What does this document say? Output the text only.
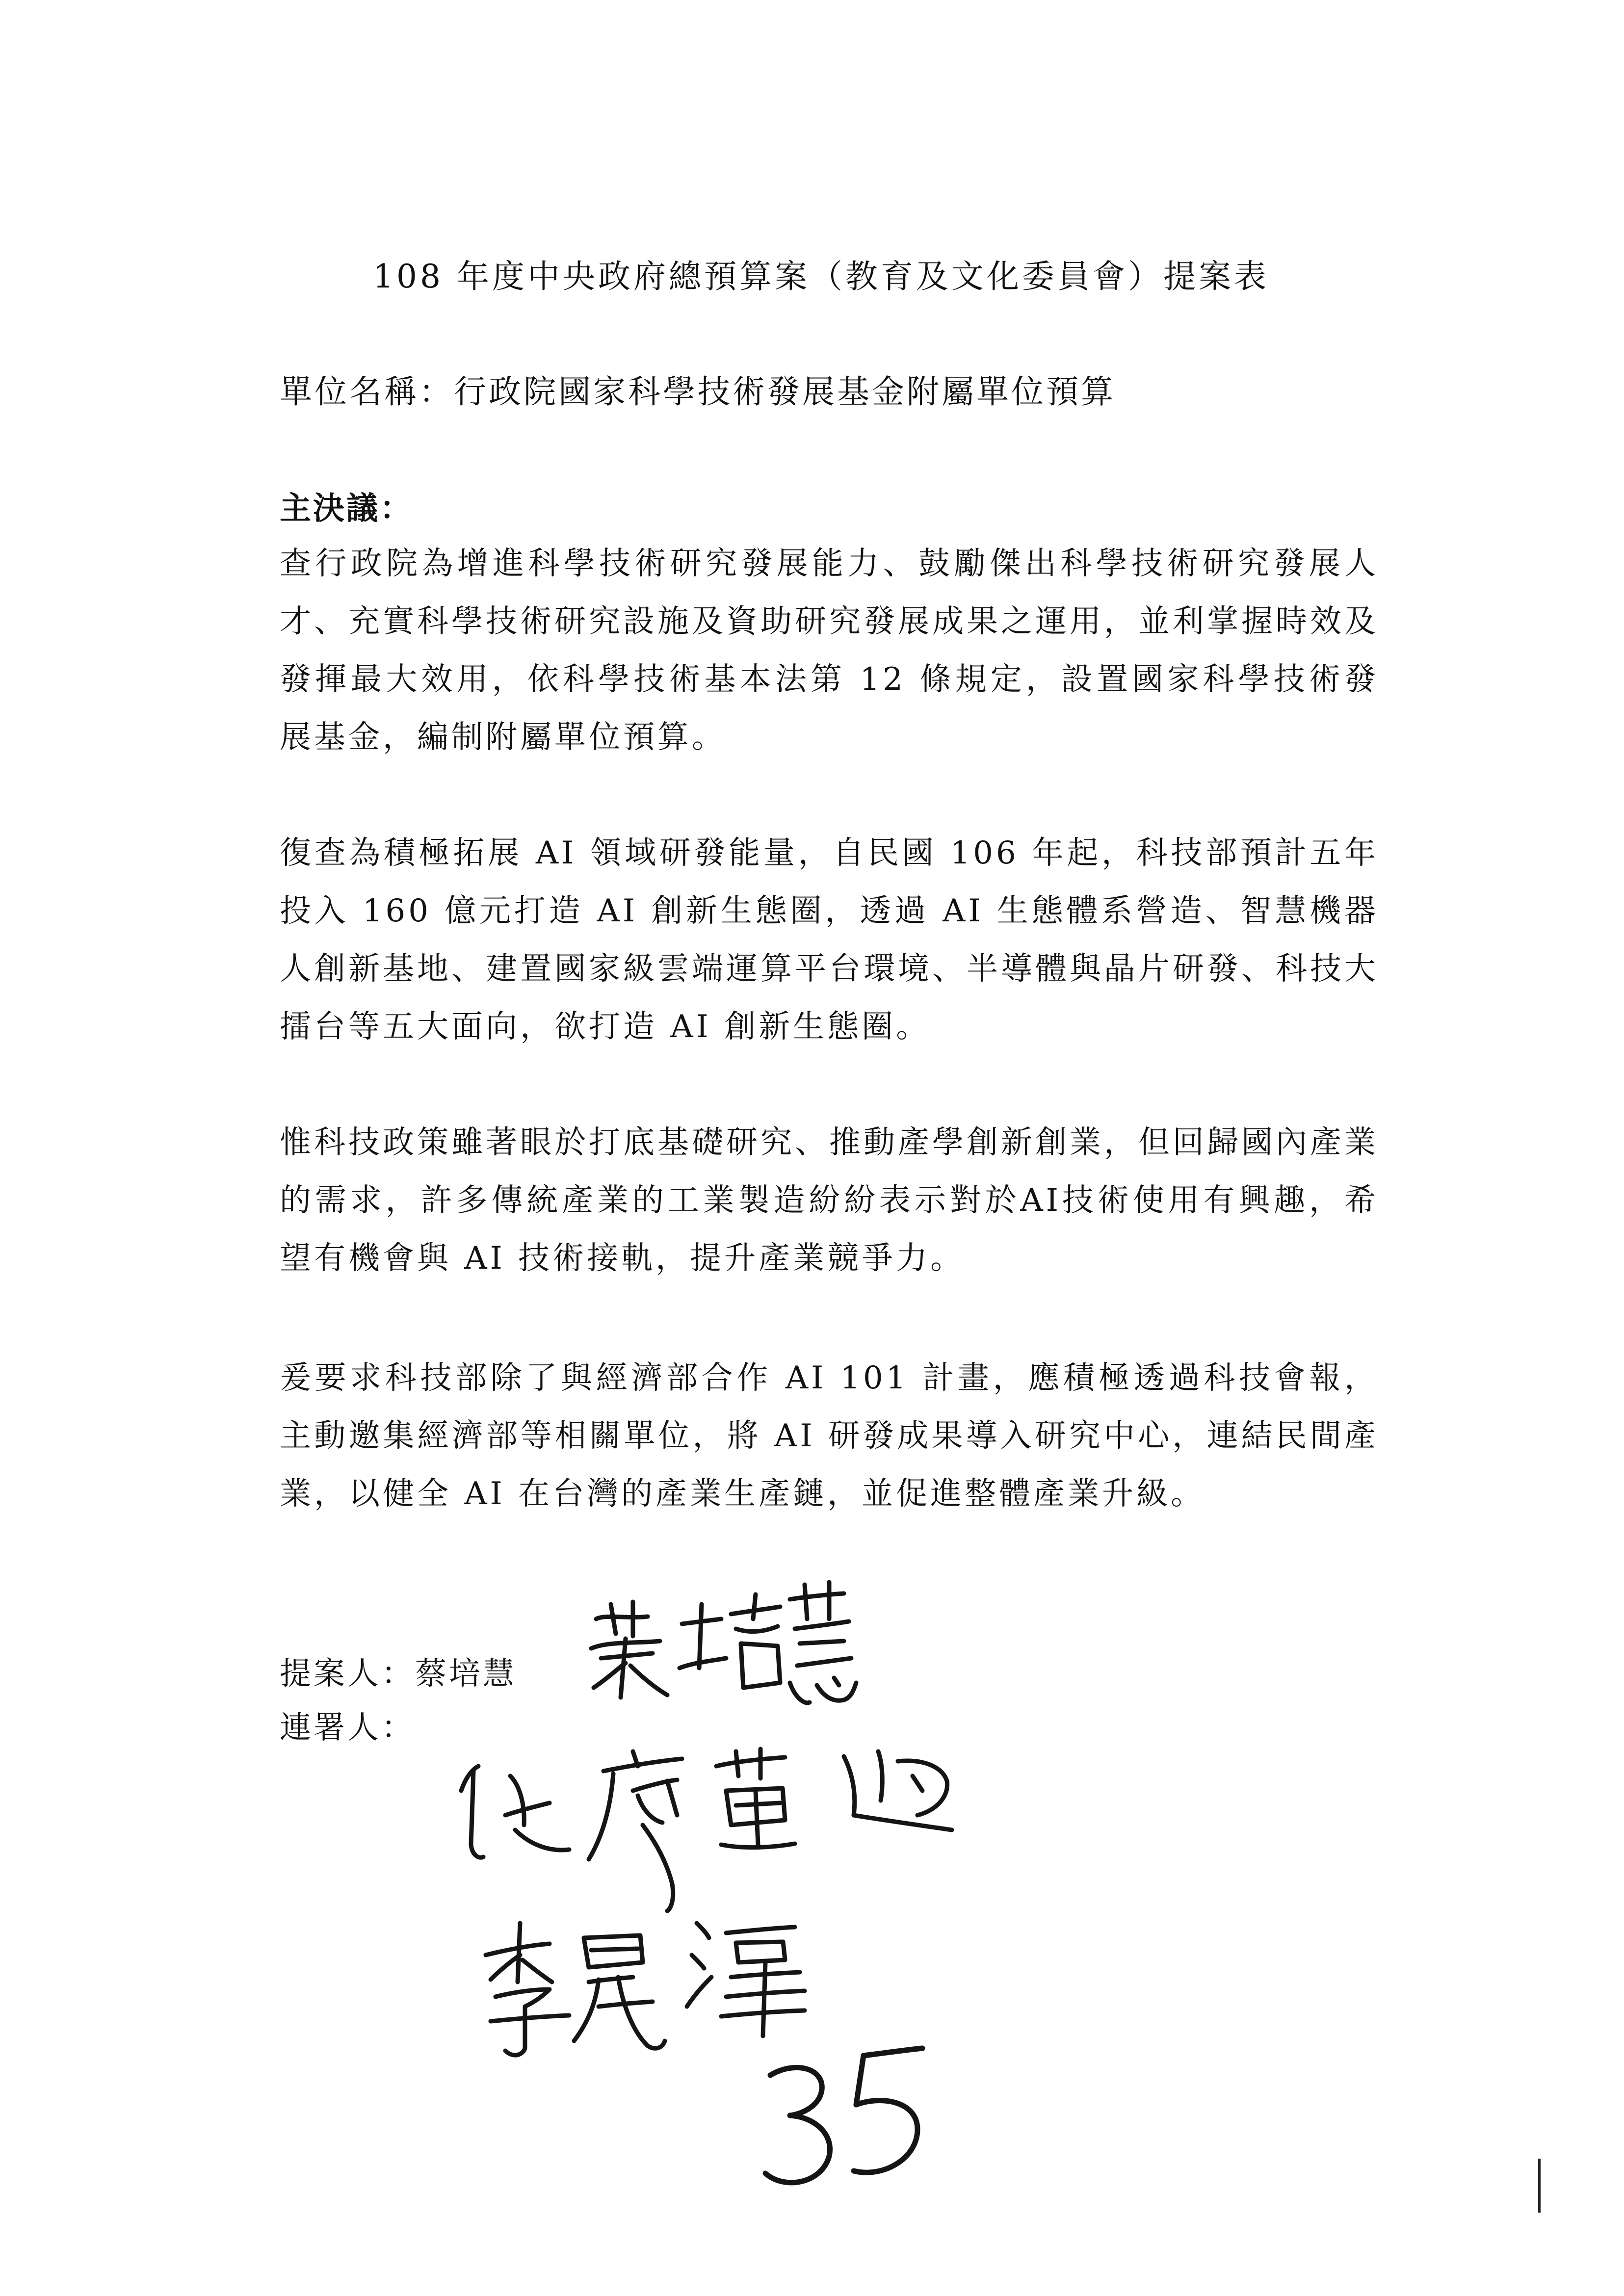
108 年度中央政府總預算案（教育及文化委員會）提案表
單位名稱：行政院國家科學技術發展基金附屬單位預算
主決議：
查行政院為增進科學技術研究發展能力、鼓勵傑出科學技術研究發展人才、充實科學技術研究設施及資助研究發展成果之運用，並利掌握時效及發揮最大效用，依科學技術基本法第 12 條規定，設置國家科學技術發展基金，編制附屬單位預算。
復查為積極拓展 AI 領域研發能量，自民國 106 年起，科技部預計五年投入 160 億元打造 AI 創新生態圈，透過 AI 生態體系營造、智慧機器人創新基地、建置國家級雲端運算平台環境、半導體與晶片研發、科技大擂台等五大面向，欲打造 AI 創新生態圈。
惟科技政策雖著眼於打底基礎研究、推動產學創新創業，但回歸國內產業的需求，許多傳統產業的工業製造紛紛表示對於AI技術使用有興趣，希望有機會與 AI 技術接軌，提升產業競爭力。
爰要求科技部除了與經濟部合作 AI 101 計畫，應積極透過科技會報，主動邀集經濟部等相關單位，將 AI 研發成果導入研究中心，連結民間產業，以健全 AI 在台灣的產業生產鏈，並促進整體產業升級。
提案人：蔡培慧
連署人：
